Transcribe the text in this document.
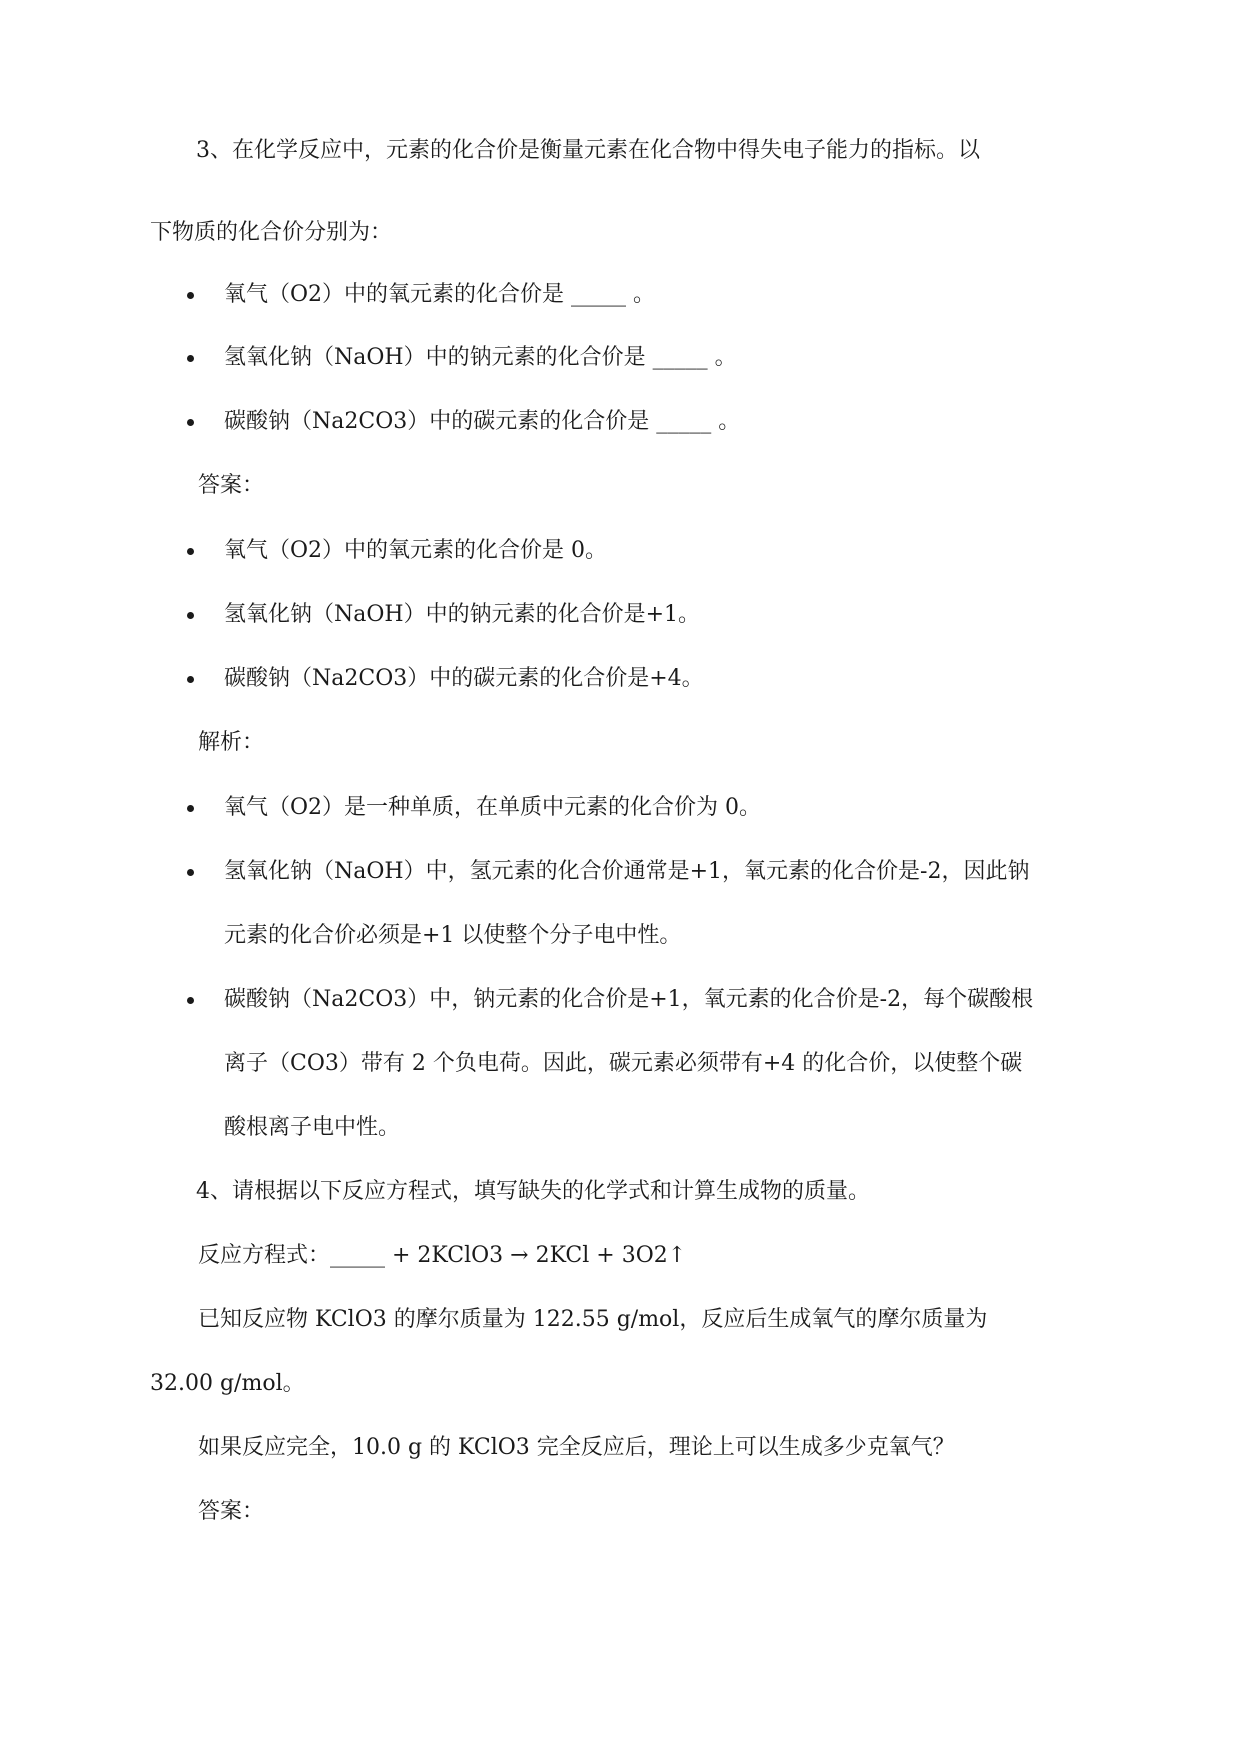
3、在化学反应中，元素的化合价是衡量元素在化合物中得失电子能力的指标。以
下物质的化合价分别为：
氧气（O2）中的氧元素的化合价是 _____ 。
氢氧化钠（NaOH）中的钠元素的化合价是 _____ 。
碳酸钠（Na2CO3）中的碳元素的化合价是 _____ 。
答案：
氧气（O2）中的氧元素的化合价是 0。
氢氧化钠（NaOH）中的钠元素的化合价是+1。
碳酸钠（Na2CO3）中的碳元素的化合价是+4。
解析：
氧气（O2）是一种单质，在单质中元素的化合价为 0。
氢氧化钠（NaOH）中，氢元素的化合价通常是+1，氧元素的化合价是-2，因此钠
元素的化合价必须是+1 以使整个分子电中性。
碳酸钠（Na2CO3）中，钠元素的化合价是+1，氧元素的化合价是-2，每个碳酸根
离子（CO3）带有 2 个负电荷。因此，碳元素必须带有+4 的化合价，以使整个碳
酸根离子电中性。
4、请根据以下反应方程式，填写缺失的化学式和计算生成物的质量。
反应方程式：_____ + 2KClO3 → 2KCl + 3O2↑
已知反应物 KClO3 的摩尔质量为 122.55 g/mol，反应后生成氧气的摩尔质量为
32.00 g/mol。
如果反应完全，10.0 g 的 KClO3 完全反应后，理论上可以生成多少克氧气？
答案：
